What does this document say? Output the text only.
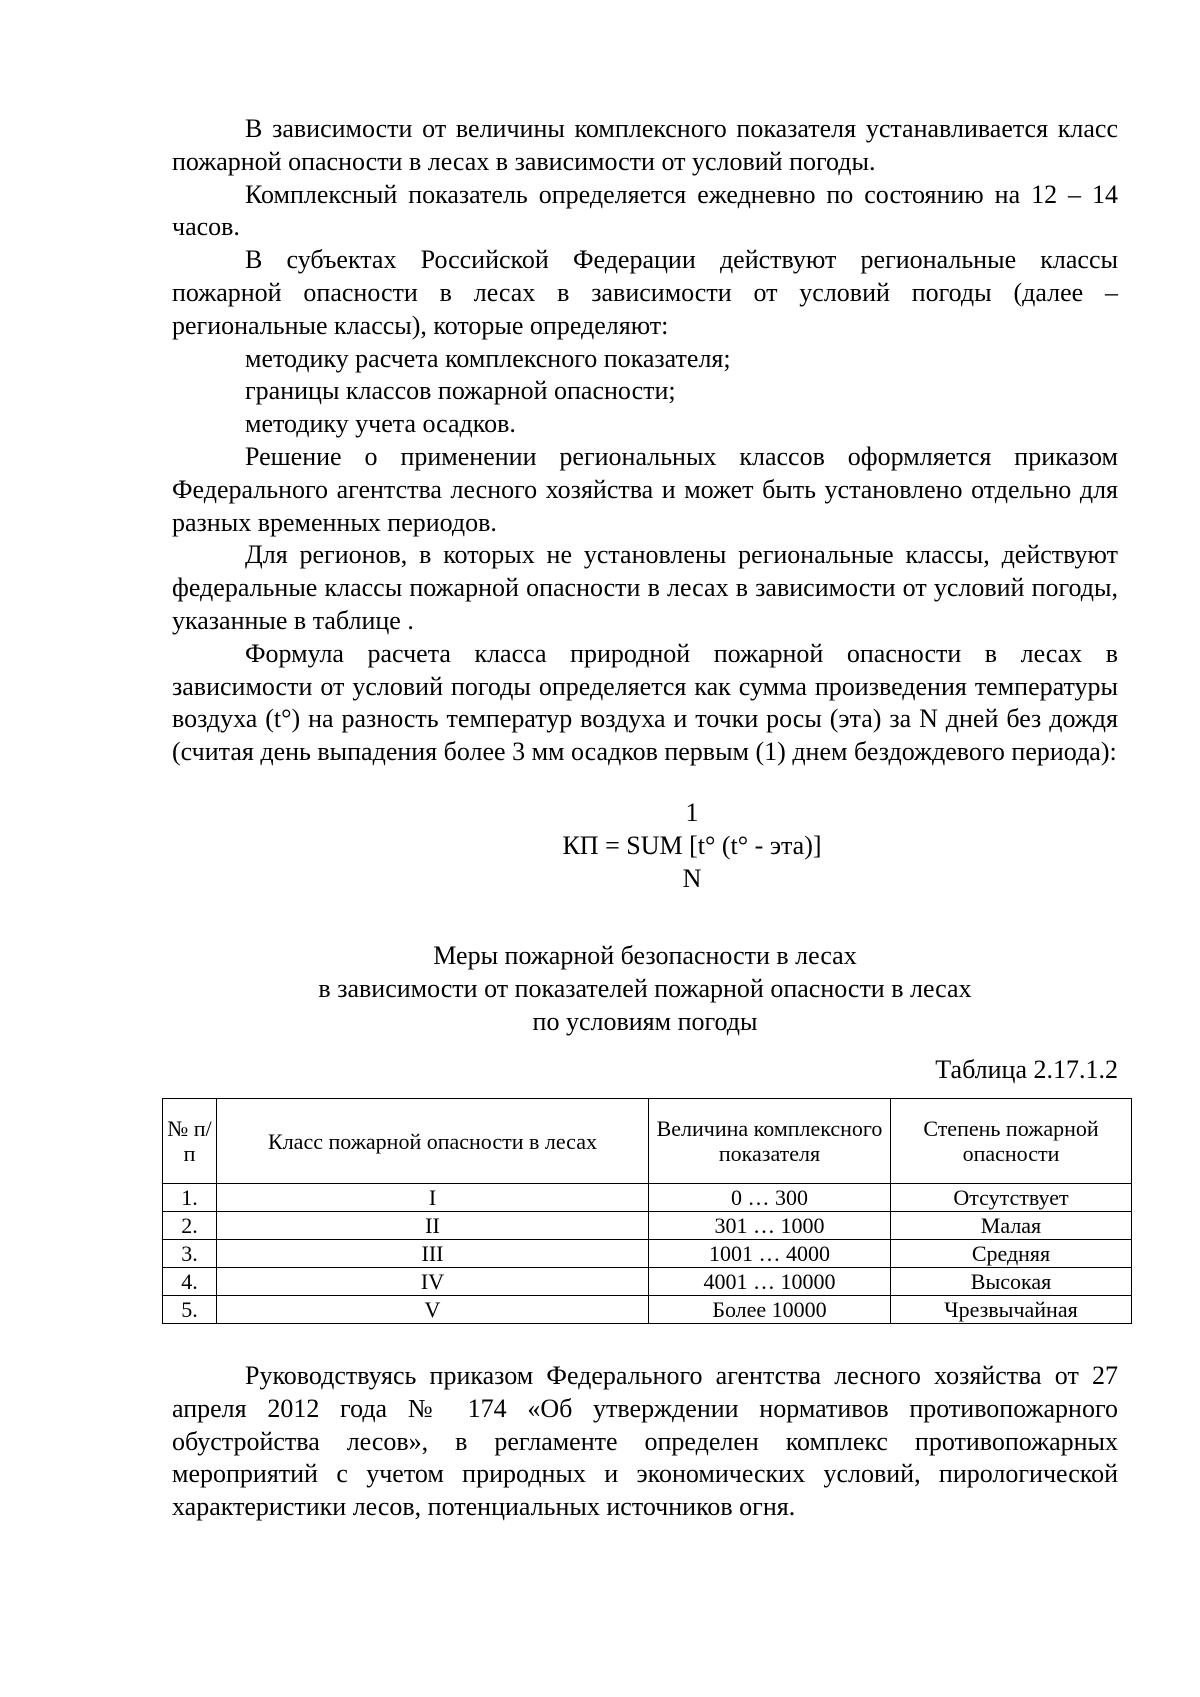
В зависимости от величины комплексного показателя устанавливается класс пожарной опасности в лесах в зависимости от условий погоды.

Комплексный показатель определяется ежедневно по состоянию на 12 – 14 часов.

В субъектах Российской Федерации действуют региональные классы пожарной опасности в лесах в зависимости от условий погоды (далее – региональные классы), которые определяют:

методику расчета комплексного показателя;

границы классов пожарной опасности;

методику учета осадков.

Решение о применении региональных классов оформляется приказом Федерального агентства лесного хозяйства и может быть установлено отдельно для разных временных периодов.

Для регионов, в которых не установлены региональные классы, действуют федеральные классы пожарной опасности в лесах в зависимости от условий погоды, указанные в таблице .

Формула расчета класса природной пожарной опасности в лесах в зависимости от условий погоды определяется как сумма произведения температуры воздуха (t°) на разность температур воздуха и точки росы (эта) за N дней без дождя (считая день выпадения более 3 мм осадков первым (1) днем бездождевого периода):

1
КП = SUM [t° (t° - эта)]
N
Меры пожарной безопасности в лесах
в зависимости от показателей пожарной опасности в лесах
по условиям погоды
Таблица 2.17.1.2
№ п/п	Класс пожарной опасности в лесах	Величина комплексного показателя	Степень пожарной опасности
1.	I	0 … 300	Отсутствует
2.	II	301 … 1000	Малая
3.	III	1001 … 4000	Средняя
4.	IV	4001 … 10000	Высокая
5.	V	Более 10000	Чрезвычайная

Руководствуясь приказом Федерального агентства лесного хозяйства от 27 апреля 2012 года № 174 «Об утверждении нормативов противопожарного обустройства лесов», в регламенте определен комплекс противопожарных мероприятий с учетом природных и экономических условий, пирологической характеристики лесов, потенциальных источников огня.
